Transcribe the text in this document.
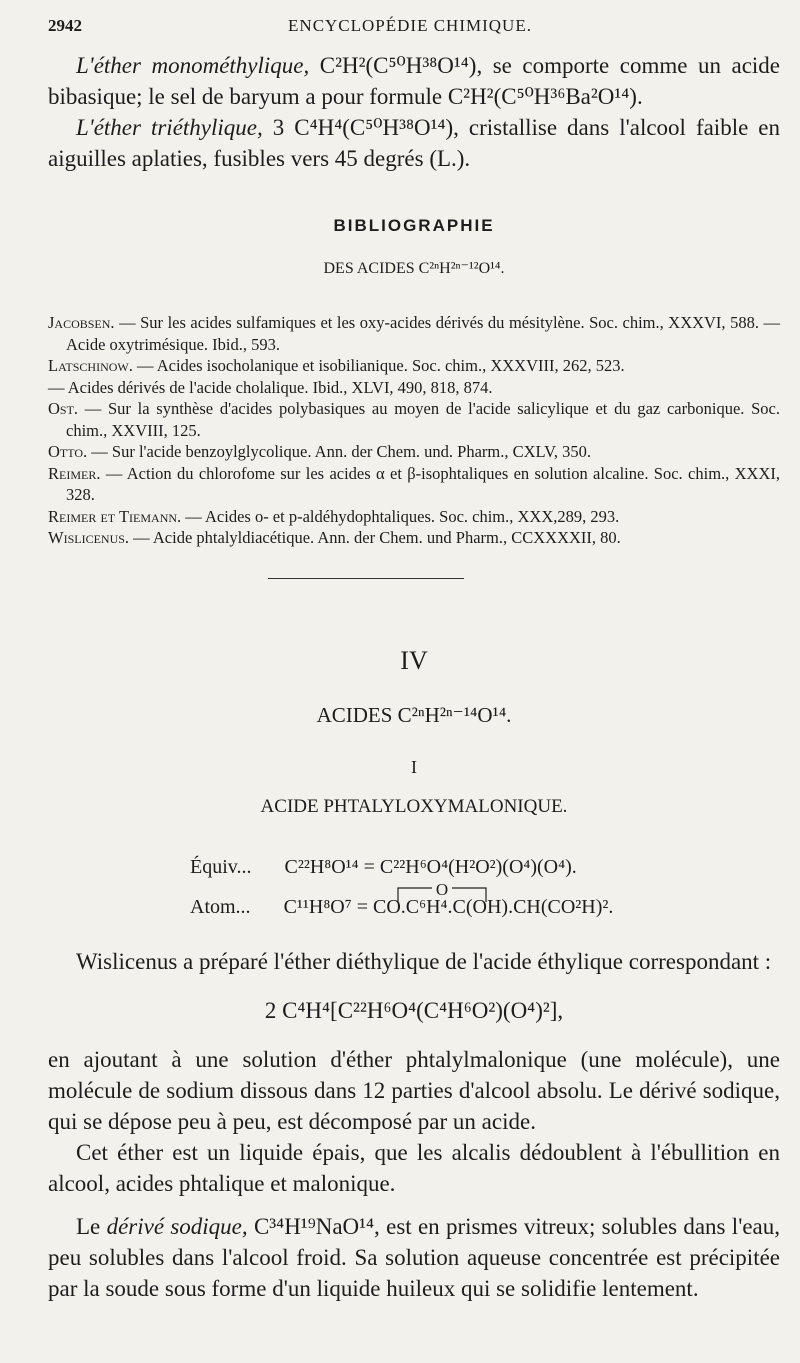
2942	ENCYCLOPÉDIE CHIMIQUE.

L'éther monométhylique, C²H²(C⁵⁰H³⁸O¹⁴), se comporte comme un acide bibasique; le sel de baryum a pour formule C²H²(C⁵⁰H³⁶Ba²O¹⁴).

L'éther triéthylique, 3 C⁴H⁴(C⁵⁰H³⁸O¹⁴), cristallise dans l'alcool faible en aiguilles aplaties, fusibles vers 45 degrés (L.).

BIBLIOGRAPHIE
DES ACIDES C²ⁿH²ⁿ⁻¹²O¹⁴.

Jacobsen. — Sur les acides sulfamiques et les oxy-acides dérivés du mésitylène. Soc. chim., XXXVI, 588. — Acide oxytrimésique. Ibid., 593.

Latschinow. — Acides isocholanique et isobilianique. Soc. chim., XXXVIII, 262, 523.

— Acides dérivés de l'acide cholalique. Ibid., XLVI, 490, 818, 874.

Ost. — Sur la synthèse d'acides polybasiques au moyen de l'acide salicylique et du gaz carbonique. Soc. chim., XXVIII, 125.

Otto. — Sur l'acide benzoylglycolique. Ann. der Chem. und. Pharm., CXLV, 350.

Reimer. — Action du chlorofome sur les acides α et β-isophtaliques en solution alcaline. Soc. chim., XXXI, 328.

Reimer et Tiemann. — Acides o- et p-aldéhydophtaliques. Soc. chim., XXX,289, 293.

Wislicenus. — Acide phtalyldiacétique. Ann. der Chem. und Pharm., CCXXXXII, 80.

IV
ACIDES C²ⁿH²ⁿ⁻¹⁴O¹⁴.
I
ACIDE PHTALYLOXYMALONIQUE.
Équiv... C²²H⁸O¹⁴ = C²²H⁶O⁴(H²O²)(O⁴)(O⁴).
O
Atom... C¹¹H⁸O⁷ = CO.C⁶H⁴.C(OH).CH(CO²H)².

Wislicenus a préparé l'éther diéthylique de l'acide éthylique correspondant :

2 C⁴H⁴[C²²H⁶O⁴(C⁴H⁶O²)(O⁴)²],

en ajoutant à une solution d'éther phtalylmalonique (une molécule), une molécule de sodium dissous dans 12 parties d'alcool absolu. Le dérivé sodique, qui se dépose peu à peu, est décomposé par un acide.

Cet éther est un liquide épais, que les alcalis dédoublent à l'ébullition en alcool, acides phtalique et malonique.

Le dérivé sodique, C³⁴H¹⁹NaO¹⁴, est en prismes vitreux; solubles dans l'eau, peu solubles dans l'alcool froid. Sa solution aqueuse concentrée est précipitée par la soude sous forme d'un liquide huileux qui se solidifie lentement.
